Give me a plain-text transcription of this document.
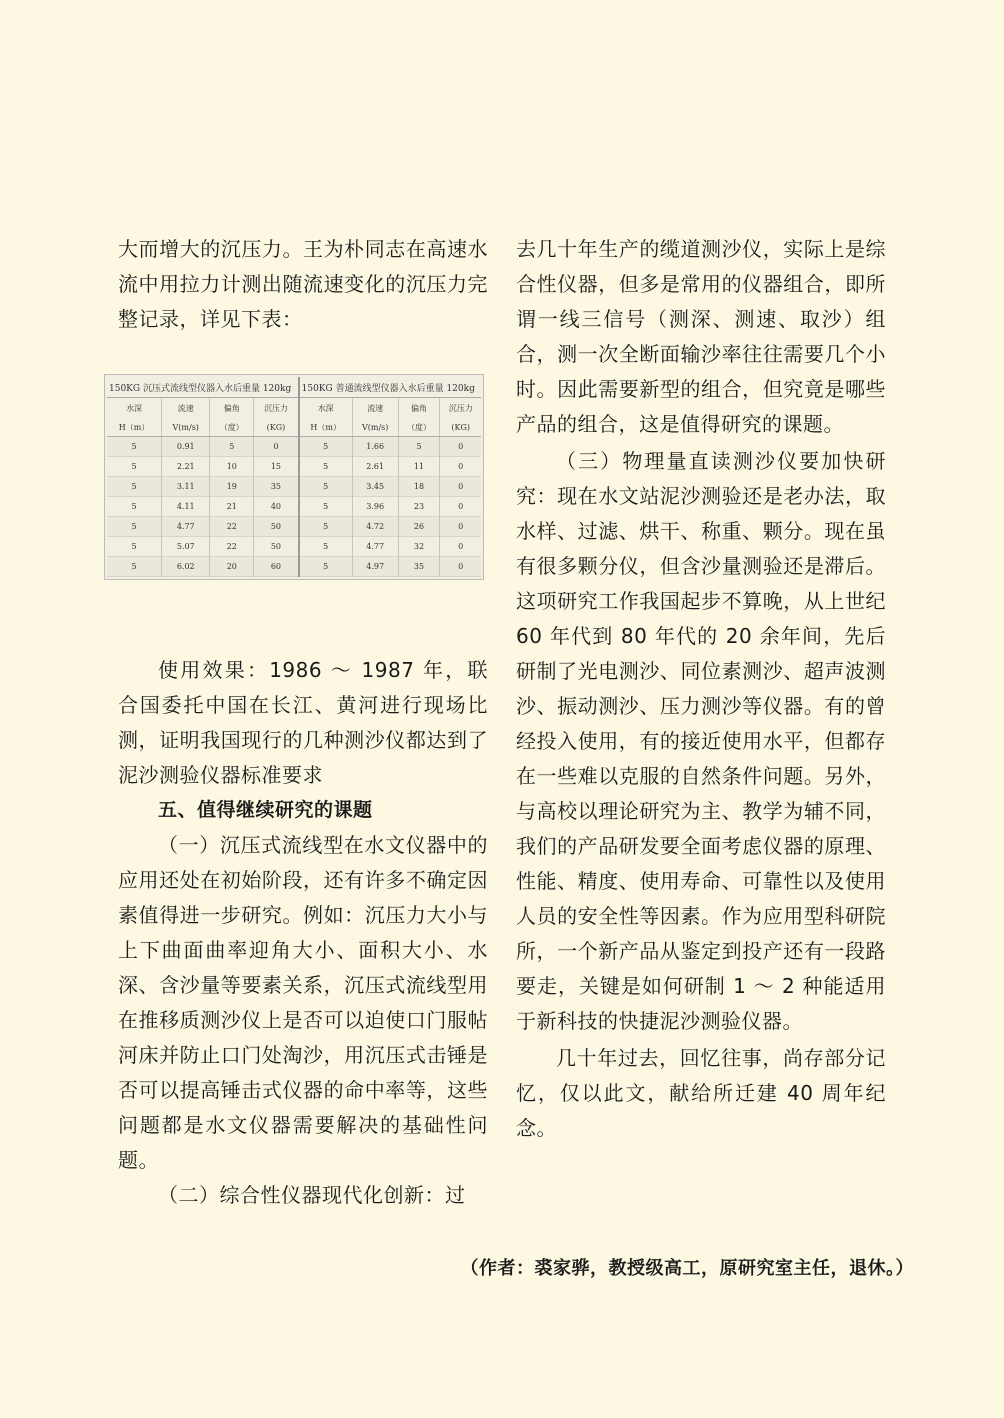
大而增大的沉压力。王为朴同志在高速水流中用拉力计测出随流速变化的沉压力完整记录，详见下表：

使用效果：1986 ～ 1987 年，联合国委托中国在长江、黄河进行现场比测，证明我国现行的几种测沙仪都达到了泥沙测验仪器标准要求

五、值得继续研究的课题

（一）沉压式流线型在水文仪器中的应用还处在初始阶段，还有许多不确定因素值得进一步研究。例如：沉压力大小与上下曲面曲率迎角大小、面积大小、水深、含沙量等要素关系，沉压式流线型用在推移质测沙仪上是否可以迫使口门服帖河床并防止口门处淘沙，用沉压式击锤是否可以提高锤击式仪器的命中率等，这些问题都是水文仪器需要解决的基础性问题。

（二）综合性仪器现代化创新：过

150KG 沉压式流线型仪器入水后重量 120kg				150KG 普通流线型仪器入水后重量 120kg			
水深	流速	偏角	沉压力	水深	流速	偏角	沉压力
H（m）	V(m/s)	（度）	(KG)	H（m）	V(m/s)	（度）	(KG)
5	0.91	5	0	5	1.66	5	0
5	2.21	10	15	5	2.61	11	0
5	3.11	19	35	5	3.45	18	0
5	4.11	21	40	5	3.96	23	0
5	4.77	22	50	5	4.72	26	0
5	5.07	22	50	5	4.77	32	0
5	6.02	20	60	5	4.97	35	0

去几十年生产的缆道测沙仪，实际上是综合性仪器，但多是常用的仪器组合，即所谓一线三信号（测深、测速、取沙）组合，测一次全断面输沙率往往需要几个小时。因此需要新型的组合，但究竟是哪些产品的组合，这是值得研究的课题。

（三）物理量直读测沙仪要加快研究：现在水文站泥沙测验还是老办法，取水样、过滤、烘干、称重、颗分。现在虽有很多颗分仪，但含沙量测验还是滞后。这项研究工作我国起步不算晚，从上世纪 60 年代到 80 年代的 20 余年间，先后研制了光电测沙、同位素测沙、超声波测沙、振动测沙、压力测沙等仪器。有的曾经投入使用，有的接近使用水平，但都存在一些难以克服的自然条件问题。另外，与高校以理论研究为主、教学为辅不同，我们的产品研发要全面考虑仪器的原理、性能、精度、使用寿命、可靠性以及使用人员的安全性等因素。作为应用型科研院所，一个新产品从鉴定到投产还有一段路要走，关键是如何研制 1 ～ 2 种能适用于新科技的快捷泥沙测验仪器。

几十年过去，回忆往事，尚存部分记忆，仅以此文，献给所迁建 40 周年纪念。

（作者：裘家骅，教授级高工，原研究室主任，退休。）
